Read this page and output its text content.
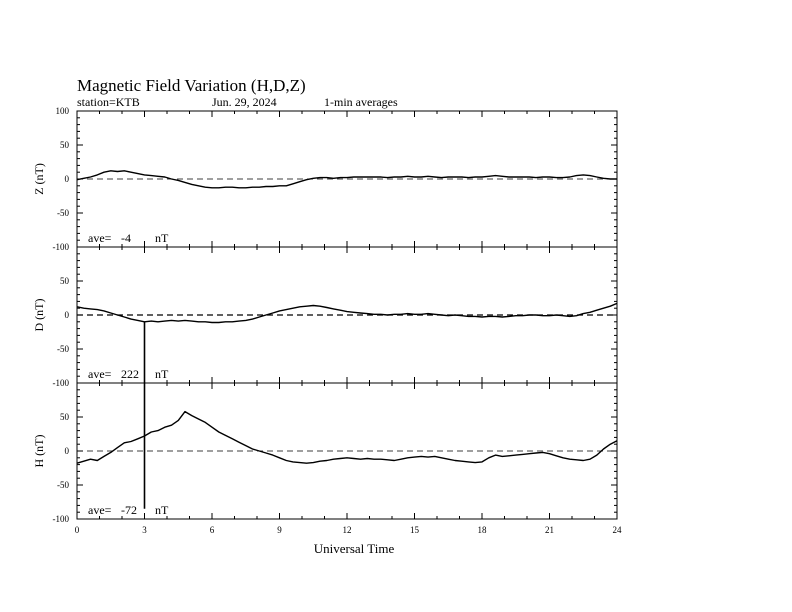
Magnetic Field Variation (H,D,Z)
station=KTB	Jun. 29, 2024	1-min averages
100
50
0
-50
-100
Z (nT)
ave= -4 nT
50
0
-50
-100
D (nT)
ave= 222 nT
50
0
-50
-100
H (nT)
ave= -72 nT
0	3	6	9	12	15	18	21	24
Universal Time
